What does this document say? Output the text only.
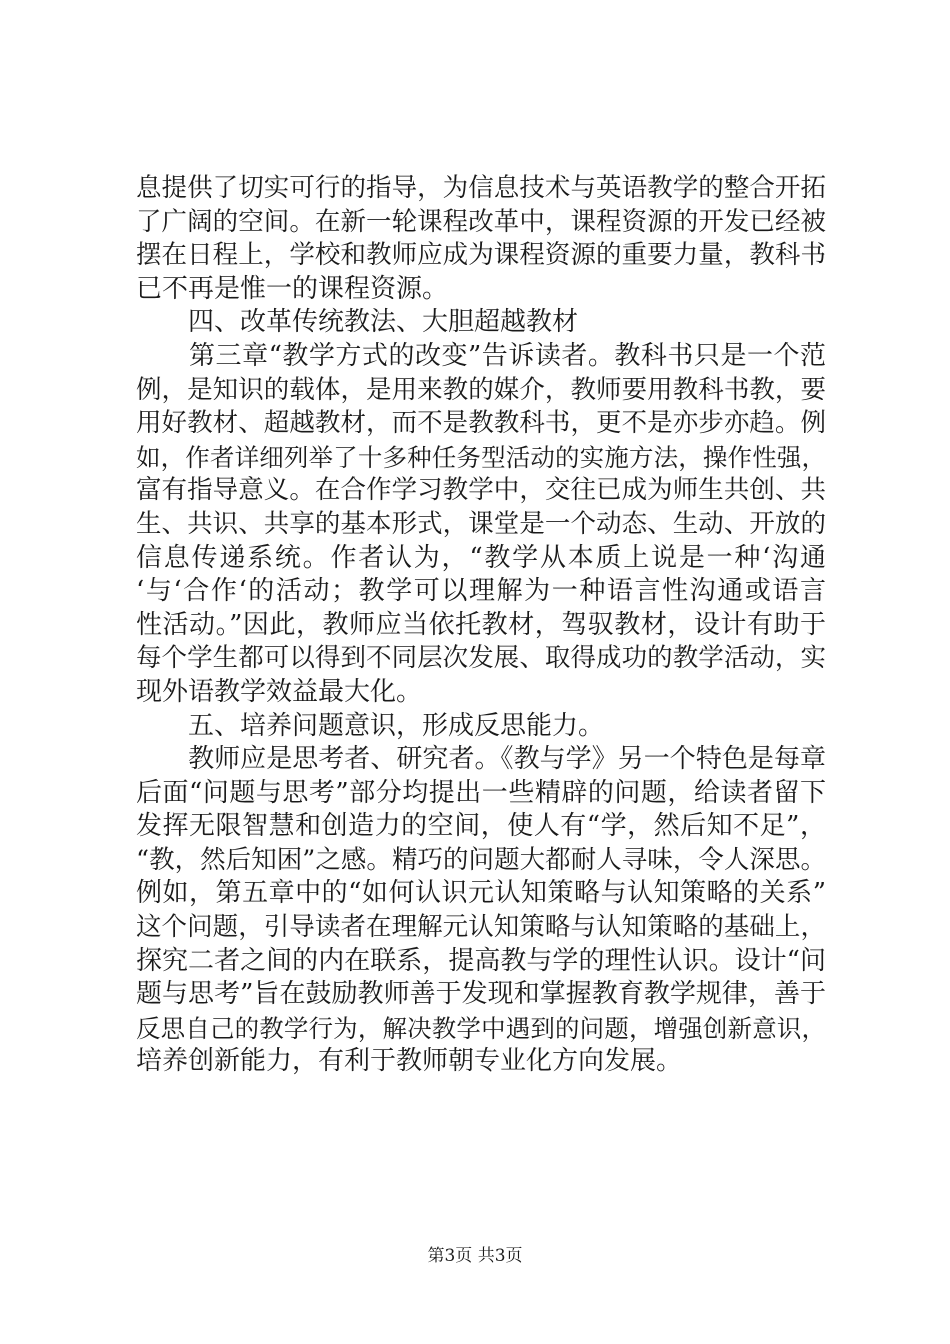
息提供了切实可行的指导，为信息技术与英语教学的整合开拓
了广阔的空间。在新一轮课程改革中，课程资源的开发已经被
摆在日程上，学校和教师应成为课程资源的重要力量，教科书
已不再是惟一的课程资源。
　　四、改革传统教法、大胆超越教材
　　第三章“教学方式的改变”告诉读者。教科书只是一个范
例，是知识的载体，是用来教的媒介，教师要用教科书教，要
用好教材、超越教材，而不是教教科书，更不是亦步亦趋。例
如，作者详细列举了十多种任务型活动的实施方法，操作性强，
富有指导意义。在合作学习教学中，交往已成为师生共创、共
生、共识、共享的基本形式，课堂是一个动态、生动、开放的
信息传递系统。作者认为，“教学从本质上说是一种‘沟通
‘与‘合作‘的活动；教学可以理解为一种语言性沟通或语言
性活动。”因此，教师应当依托教材，驾驭教材，设计有助于
每个学生都可以得到不同层次发展、取得成功的教学活动，实
现外语教学效益最大化。
　　五、培养问题意识，形成反思能力。
　　教师应是思考者、研究者。《教与学》另一个特色是每章
后面“问题与思考”部分均提出一些精辟的问题，给读者留下
发挥无限智慧和创造力的空间，使人有“学，然后知不足”，
“教，然后知困”之感。精巧的问题大都耐人寻味，令人深思。
例如，第五章中的“如何认识元认知策略与认知策略的关系”
这个问题，引导读者在理解元认知策略与认知策略的基础上，
探究二者之间的内在联系，提高教与学的理性认识。设计“问
题与思考”旨在鼓励教师善于发现和掌握教育教学规律，善于
反思自己的教学行为，解决教学中遇到的问题，增强创新意识，
培养创新能力，有利于教师朝专业化方向发展。
第3页 共3页
